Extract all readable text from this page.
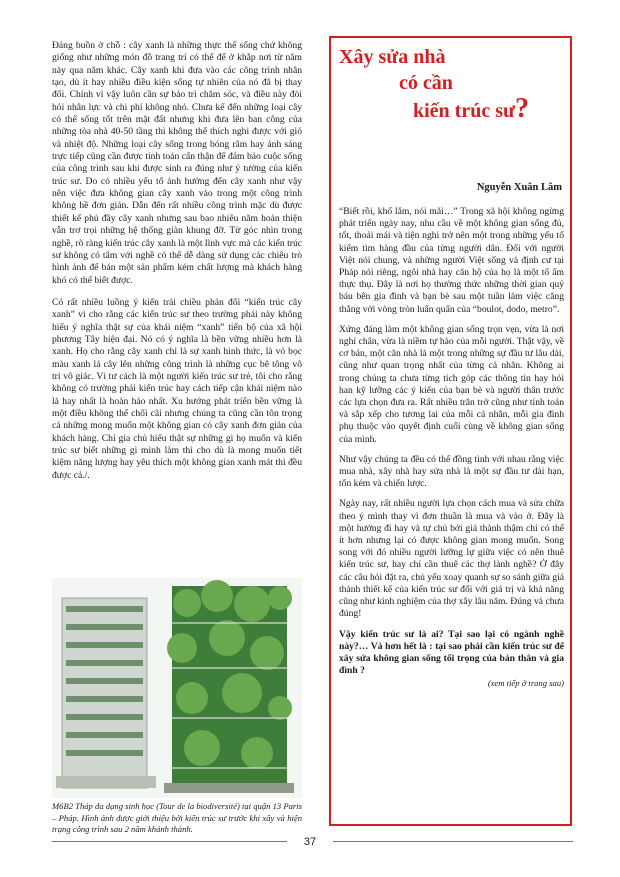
Đáng buồn ở chỗ : cây xanh là những thực thể sống chứ không giống như những món đồ trang trí có thể để ở khắp nơi từ năm này qua năm khác. Cây xanh khi đưa vào các công trình nhân tạo, dù ít hay nhiều điều kiện sống tự nhiên của nó đã bị thay đổi. Chính vì vậy luôn cần sự bảo trì chăm sóc, và điều này đòi hỏi nhân lực và chi phí không nhỏ. Chưa kể đến những loại cây có thể sống tốt trên mặt đất nhưng khi đưa lên ban công của những tòa nhà 40-50 tầng thì không thể thích nghi được với gió và nhiệt độ. Những loại cây sống trong bóng râm hay ánh sáng trực tiếp cũng cần được tính toán cẩn thận để đảm bảo cuộc sống của công trình sau khi được sinh ra đúng như ý tưởng của kiến trúc sư. Do có nhiều yếu tố ảnh hưởng đến cây xanh như vậy nên việc đưa không gian cây xanh vào trong một công trình không hề đơn giản. Dẫn đến rất nhiều công trình mặc dù được thiết kế phủ đầy cây xanh nhưng sau bao nhiêu năm hoàn thiện vẫn trơ trọi những hệ thống giàn khung đỡ. Từ góc nhìn trong nghề, rõ ràng kiến trúc cây xanh là một lĩnh vực mà các kiến trúc sư không có tâm với nghề có thể dễ dàng sử dụng các chiêu trò hình ảnh để bán một sản phẩm kém chất lượng mà khách hàng khó có thể biết được.

Có rất nhiều luồng ý kiến trái chiều phản đối “kiến trúc cây xanh” vì cho rằng các kiến trúc sư theo trường phái này không hiểu ý nghĩa thật sự của khái niệm “xanh” tiến bộ của xã hội phương Tây hiện đại. Nó có ý nghĩa là bền vững nhiều hơn là xanh. Họ cho rằng cây xanh chỉ là sự xanh hình thức, là vỏ bọc màu xanh lá cây lên những công trình là những cục bê tông vô tri vô giác. Vì tư cách là một người kiến trúc sư trẻ, tôi cho rằng không có trường phái kiến trúc hay cách tiếp cận khái niệm nào là hay nhất là hoàn hảo nhất. Xu hướng phát triển bền vững là một điều không thể chối cãi nhưng chúng ta cũng cần tôn trọng cả những mong muốn một không gian có cây xanh đơn giản của khách hàng. Chỉ gia chủ hiểu thật sự những gì họ muốn và kiến trúc sư biết những gì mình làm thì cho dù là mong muốn tiết kiệm năng lượng hay yêu thích một không gian xanh mát thì đều được cả./.

M6B2 Tháp đa dạng sinh học (Tour de la biodiversité) tại quận 13 Paris – Pháp. Hình ảnh được giới thiệu bởi kiến trúc sư trước khi xây và hiện trạng công trình sau 2 năm khánh thành.
Xây sửa nhà
có cần
kiến trúc sư?
Nguyễn Xuân Lâm

“Biết rồi, khổ lắm, nói mãi…” Trong xã hội không ngừng phát triển ngày nay, nhu cầu về một không gian sống đủ, tốt, thoải mái và tiện nghi trở nên một trong những yếu tố kiểm tìm hàng đầu của từng người dân. Đối với người Việt nói chung, và những người Việt sống và định cư tại Pháp nói riêng, ngôi nhà hay căn hộ của họ là một tổ ấm thực thụ. Đây là nơi họ thường thức những thời gian quý báu bên gia đình và bạn bè sau một tuần làm việc căng thẳng với vòng tròn luẩn quẩn của “boulot, dodo, metro”.

Xứng đáng làm một không gian sống trọn vẹn, vừa là nơi nghỉ chân, vừa là niềm tự hào của mỗi người. Thật vậy, về cơ bản, một căn nhà là một trong những sự đầu tư lâu dài, cũng như quan trọng nhất của từng cá nhân. Không ai trong chúng ta chưa từng tích góp các thông tin hay hỏi han kỹ lưỡng các ý kiến của bạn bè và người thân trước các lựa chọn đưa ra. Rất nhiều trăn trở cũng như tính toán và sắp xếp cho tương lai của mỗi cá nhân, mỗi gia đình phụ thuộc vào quyết định cuối cùng về không gian sống của mình.

Như vậy chúng ta đều có thể đồng tình với nhau rằng việc mua nhà, xây nhà hay sửa nhà là một sự đầu tư dài hạn, tốn kém và chiến lược.

Ngày nay, rất nhiều người lựa chọn cách mua và sửa chữa theo ý mình thay vì đơn thuần là mua và vào ở. Đây là một hướng đi hay và tự chủ bởi giá thành thậm chí có thể ít hơn nhưng lại có được không gian mong muốn. Song song với đó nhiều người lưỡng lự giữa việc có nên thuê kiến trúc sư, hay chỉ cần thuê các thợ lành nghề? Ở đây các câu hỏi đặt ra, chủ yếu xoay quanh sự so sánh giữa giá thành thiết kế của kiến trúc sư đối với giá trị và khả năng cũng như kinh nghiệm của thợ xây lâu năm. Đúng và chưa đúng!

Vậy kiến trúc sư là ai? Tại sao lại có ngành nghề này?… Và hơn hết là : tại sao phải cần kiến trúc sư để xây sửa không gian sống tối trọng của bản thân và gia đình ?

(xem tiếp ở trang sau)

37
